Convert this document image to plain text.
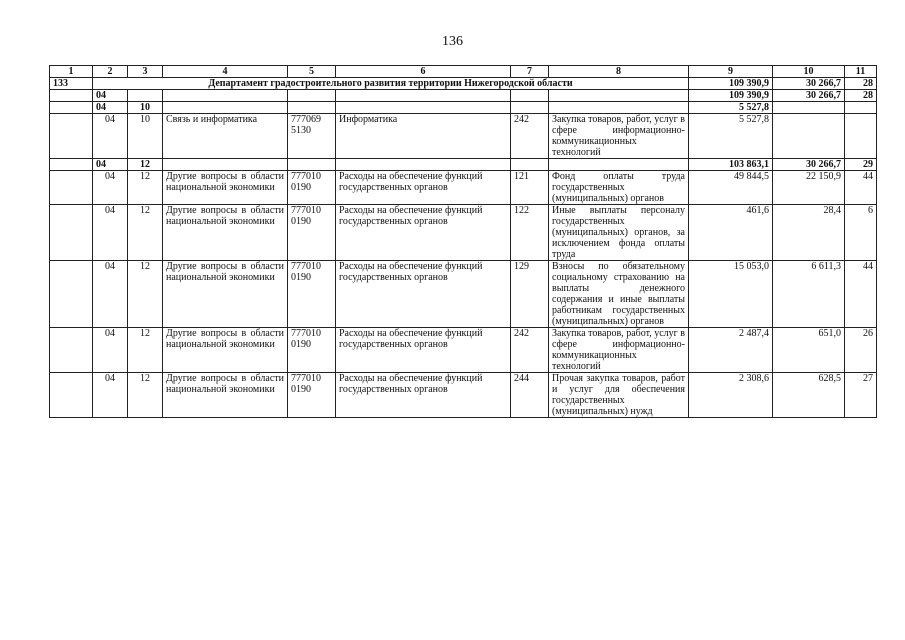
136
1	2	3	4	5	6	7	8	9	10	11
133	Департамент градостроительного развития территории Нижегородской области							109 390,9	30 266,7	28
	04							109 390,9	30 266,7	28
	04	10						5 527,8		
	04	10	Связь и информатика	777069 5130	Информатика	242	Закупка товаров, работ, услуг в сфере информационно-коммуникационных технологий	5 527,8		
	04	12						103 863,1	30 266,7	29
	04	12	Другие вопросы в области национальной экономики	777010 0190	Расходы на обеспечение функций государственных органов	121	Фонд оплаты труда государственных (муниципальных) органов	49 844,5	22 150,9	44
	04	12	Другие вопросы в области национальной экономики	777010 0190	Расходы на обеспечение функций государственных органов	122	Иные выплаты персоналу государственных (муниципальных) органов, за исключением фонда оплаты труда	461,6	28,4	6
	04	12	Другие вопросы в области национальной экономики	777010 0190	Расходы на обеспечение функций государственных органов	129	Взносы по обязательному социальному страхованию на выплаты денежного содержания и иные выплаты работникам государственных (муниципальных) органов	15 053,0	6 611,3	44
	04	12	Другие вопросы в области национальной экономики	777010 0190	Расходы на обеспечение функций государственных органов	242	Закупка товаров, работ, услуг в сфере информационно-коммуникационных технологий	2 487,4	651,0	26
	04	12	Другие вопросы в области национальной экономики	777010 0190	Расходы на обеспечение функций государственных органов	244	Прочая закупка товаров, работ и услуг для обеспечения государственных (муниципальных) нужд	2 308,6	628,5	27
